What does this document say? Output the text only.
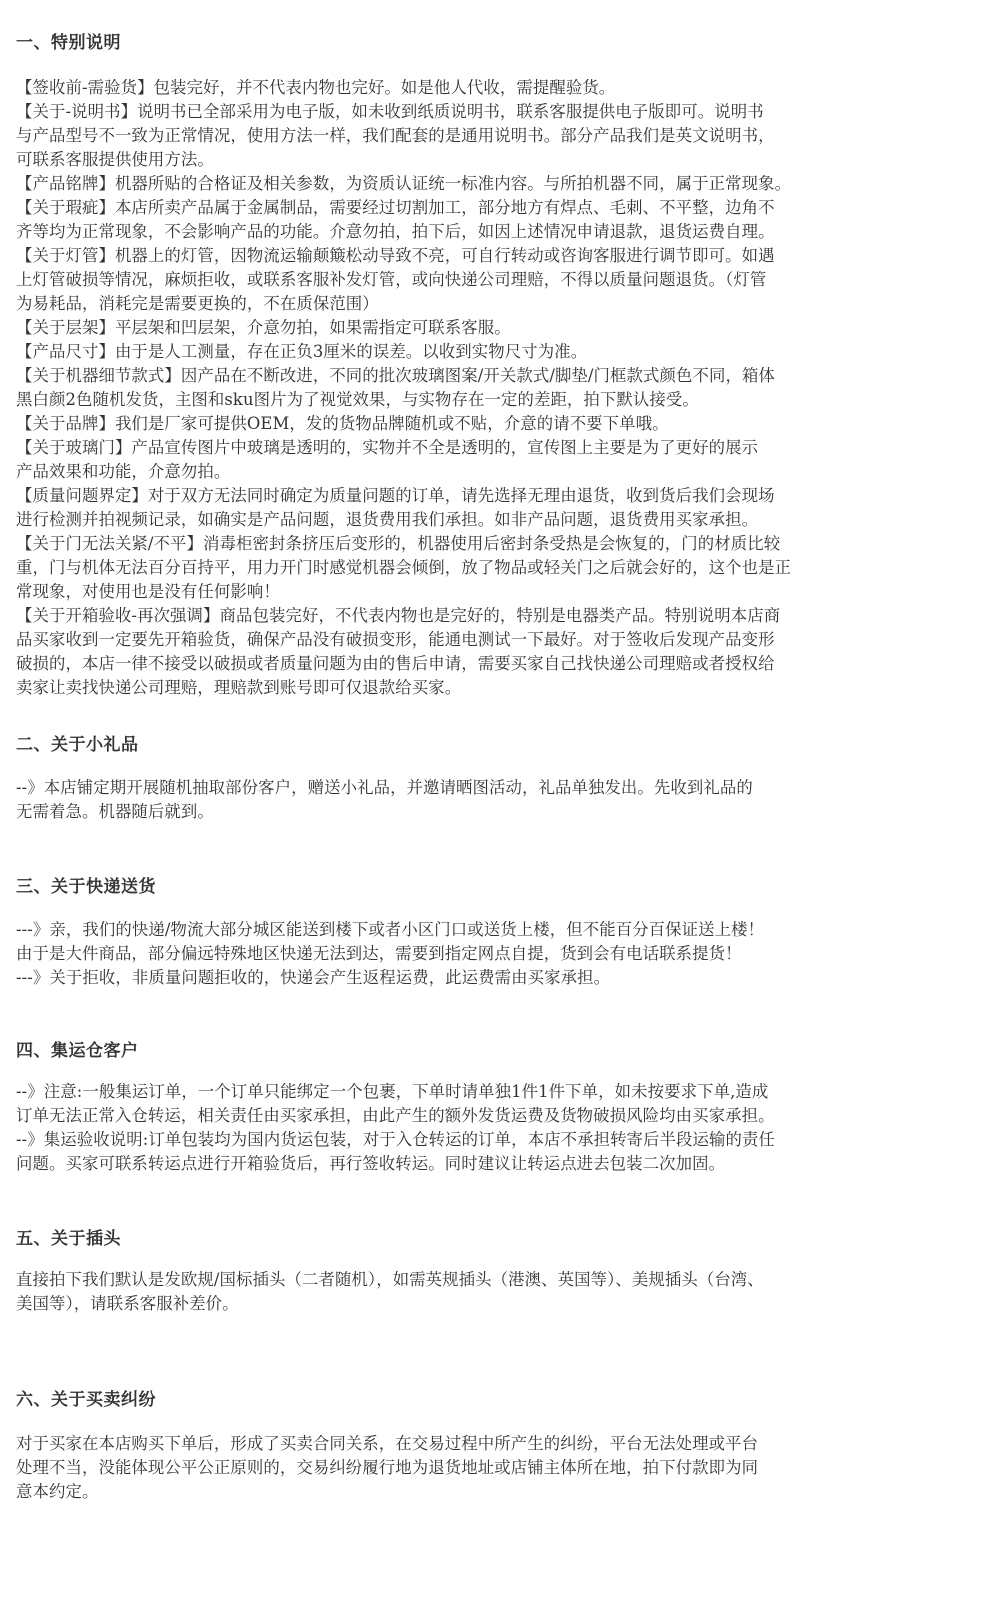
一、特别说明
【签收前-需验货】包装完好，并不代表内物也完好。如是他人代收，需提醒验货。
【关于-说明书】说明书已全部采用为电子版，如未收到纸质说明书，联系客服提供电子版即可。说明书
与产品型号不一致为正常情况，使用方法一样，我们配套的是通用说明书。部分产品我们是英文说明书，
可联系客服提供使用方法。
【产品铭牌】机器所贴的合格证及相关参数，为资质认证统一标准内容。与所拍机器不同，属于正常现象。
【关于瑕疵】本店所卖产品属于金属制品，需要经过切割加工，部分地方有焊点、毛刺、不平整，边角不
齐等均为正常现象，不会影响产品的功能。介意勿拍，拍下后，如因上述情况申请退款，退货运费自理。
【关于灯管】机器上的灯管，因物流运输颠簸松动导致不亮，可自行转动或咨询客服进行调节即可。如遇
上灯管破损等情况，麻烦拒收，或联系客服补发灯管，或向快递公司理赔，不得以质量问题退货。（灯管
为易耗品，消耗完是需要更换的，不在质保范围）
【关于层架】平层架和凹层架，介意勿拍，如果需指定可联系客服。
【产品尺寸】由于是人工测量，存在正负3厘米的误差。以收到实物尺寸为准。
【关于机器细节款式】因产品在不断改进，不同的批次玻璃图案/开关款式/脚垫/门框款式颜色不同，箱体
黑白颜2色随机发货，主图和sku图片为了视觉效果，与实物存在一定的差距，拍下默认接受。
【关于品牌】我们是厂家可提供OEM，发的货物品牌随机或不贴，介意的请不要下单哦。
【关于玻璃门】产品宣传图片中玻璃是透明的，实物并不全是透明的，宣传图上主要是为了更好的展示
产品效果和功能，介意勿拍。
【质量问题界定】对于双方无法同时确定为质量问题的订单，请先选择无理由退货，收到货后我们会现场
进行检测并拍视频记录，如确实是产品问题，退货费用我们承担。如非产品问题，退货费用买家承担。
【关于门无法关紧/不平】消毒柜密封条挤压后变形的，机器使用后密封条受热是会恢复的，门的材质比较
重，门与机体无法百分百持平，用力开门时感觉机器会倾倒，放了物品或轻关门之后就会好的，这个也是正
常现象，对使用也是没有任何影响！
【关于开箱验收-再次强调】商品包装完好，不代表内物也是完好的，特别是电器类产品。特别说明本店商
品买家收到一定要先开箱验货，确保产品没有破损变形，能通电测试一下最好。对于签收后发现产品变形
破损的，本店一律不接受以破损或者质量问题为由的售后申请，需要买家自己找快递公司理赔或者授权给
卖家让卖找快递公司理赔，理赔款到账号即可仅退款给买家。
二、关于小礼品
--》本店铺定期开展随机抽取部份客户，赠送小礼品，并邀请晒图活动，礼品单独发出。先收到礼品的
无需着急。机器随后就到。
三、关于快递送货
---》亲，我们的快递/物流大部分城区能送到楼下或者小区门口或送货上楼，但不能百分百保证送上楼！
由于是大件商品，部分偏远特殊地区快递无法到达，需要到指定网点自提，货到会有电话联系提货！
---》关于拒收，非质量问题拒收的，快递会产生返程运费，此运费需由买家承担。
四、集运仓客户
--》注意:一般集运订单，一个订单只能绑定一个包裹，下单时请单独1件1件下单，如未按要求下单,造成
订单无法正常入仓转运，相关责任由买家承担，由此产生的额外发货运费及货物破损风险均由买家承担。
--》集运验收说明:订单包装均为国内货运包装，对于入仓转运的订单，本店不承担转寄后半段运输的责任
问题。买家可联系转运点进行开箱验货后，再行签收转运。同时建议让转运点进去包装二次加固。
五、关于插头
直接拍下我们默认是发欧规/国标插头（二者随机），如需英规插头（港澳、英国等）、美规插头（台湾、
美国等），请联系客服补差价。
六、关于买卖纠纷
对于买家在本店购买下单后，形成了买卖合同关系，在交易过程中所产生的纠纷，平台无法处理或平台
处理不当，没能体现公平公正原则的，交易纠纷履行地为退货地址或店铺主体所在地，拍下付款即为同
意本约定。
